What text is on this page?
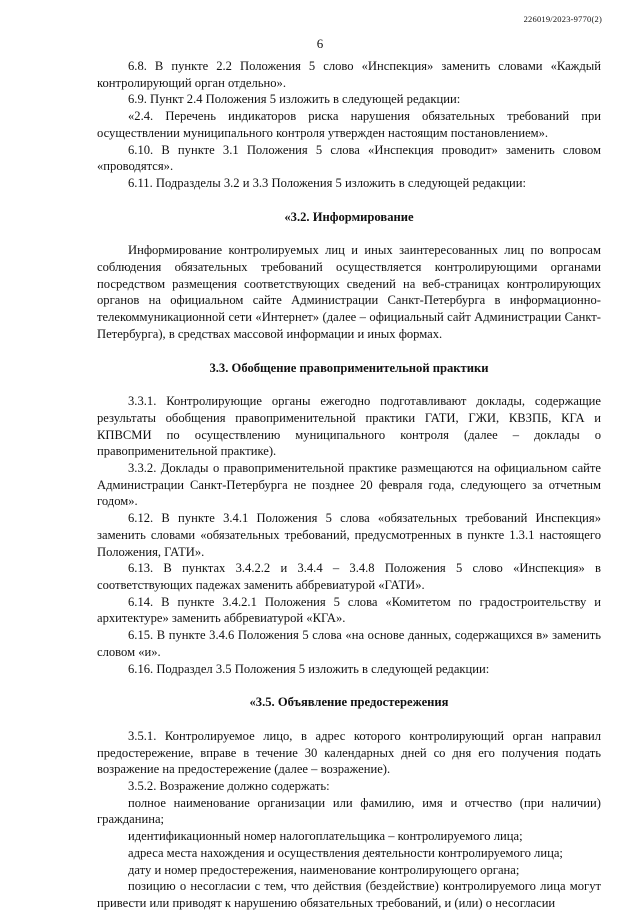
226019/2023-9770(2)
6

6.8. В пункте 2.2 Положения 5 слово «Инспекция» заменить словами «Каждый контролирующий орган отдельно».

6.9. Пункт 2.4 Положения 5 изложить в следующей редакции:

«2.4. Перечень индикаторов риска нарушения обязательных требований при осуществлении муниципального контроля утвержден настоящим постановлением».

6.10. В пункте 3.1 Положения 5 слова «Инспекция проводит» заменить словом «проводятся».

6.11. Подразделы 3.2 и 3.3 Положения 5 изложить в следующей редакции:

«3.2. Информирование

Информирование контролируемых лиц и иных заинтересованных лиц по вопросам соблюдения обязательных требований осуществляется контролирующими органами посредством размещения соответствующих сведений на веб-страницах контролирующих органов на официальном сайте Администрации Санкт-Петербурга в информационно-телекоммуникационной сети «Интернет» (далее – официальный сайт Администрации Санкт-Петербурга), в средствах массовой информации и иных формах.

3.3. Обобщение правоприменительной практики

3.3.1. Контролирующие органы ежегодно подготавливают доклады, содержащие результаты обобщения правоприменительной практики ГАТИ, ГЖИ, КВЗПБ, КГА и КПВСМИ по осуществлению муниципального контроля (далее – доклады о правоприменительной практике).

3.3.2. Доклады о правоприменительной практике размещаются на официальном сайте Администрации Санкт-Петербурга не позднее 20 февраля года, следующего за отчетным годом».

6.12. В пункте 3.4.1 Положения 5 слова «обязательных требований Инспекция» заменить словами «обязательных требований, предусмотренных в пункте 1.3.1 настоящего Положения, ГАТИ».

6.13. В пунктах 3.4.2.2 и 3.4.4 – 3.4.8 Положения 5 слово «Инспекция» в соответствующих падежах заменить аббревиатурой «ГАТИ».

6.14. В пункте 3.4.2.1 Положения 5 слова «Комитетом по градостроительству и архитектуре» заменить аббревиатурой «КГА».

6.15. В пункте 3.4.6 Положения 5 слова «на основе данных, содержащихся в» заменить словом «и».

6.16. Подраздел 3.5 Положения 5 изложить в следующей редакции:

«3.5. Объявление предостережения

3.5.1. Контролируемое лицо, в адрес которого контролирующий орган направил предостережение, вправе в течение 30 календарных дней со дня его получения подать возражение на предостережение (далее – возражение).

3.5.2. Возражение должно содержать:

полное наименование организации или фамилию, имя и отчество (при наличии) гражданина;

идентификационный номер налогоплательщика – контролируемого лица;

адреса места нахождения и осуществления деятельности контролируемого лица;

дату и номер предостережения, наименование контролирующего органа;

позицию о несогласии с тем, что действия (бездействие) контролируемого лица могут привести или приводят к нарушению обязательных требований, и (или) о несогласии
